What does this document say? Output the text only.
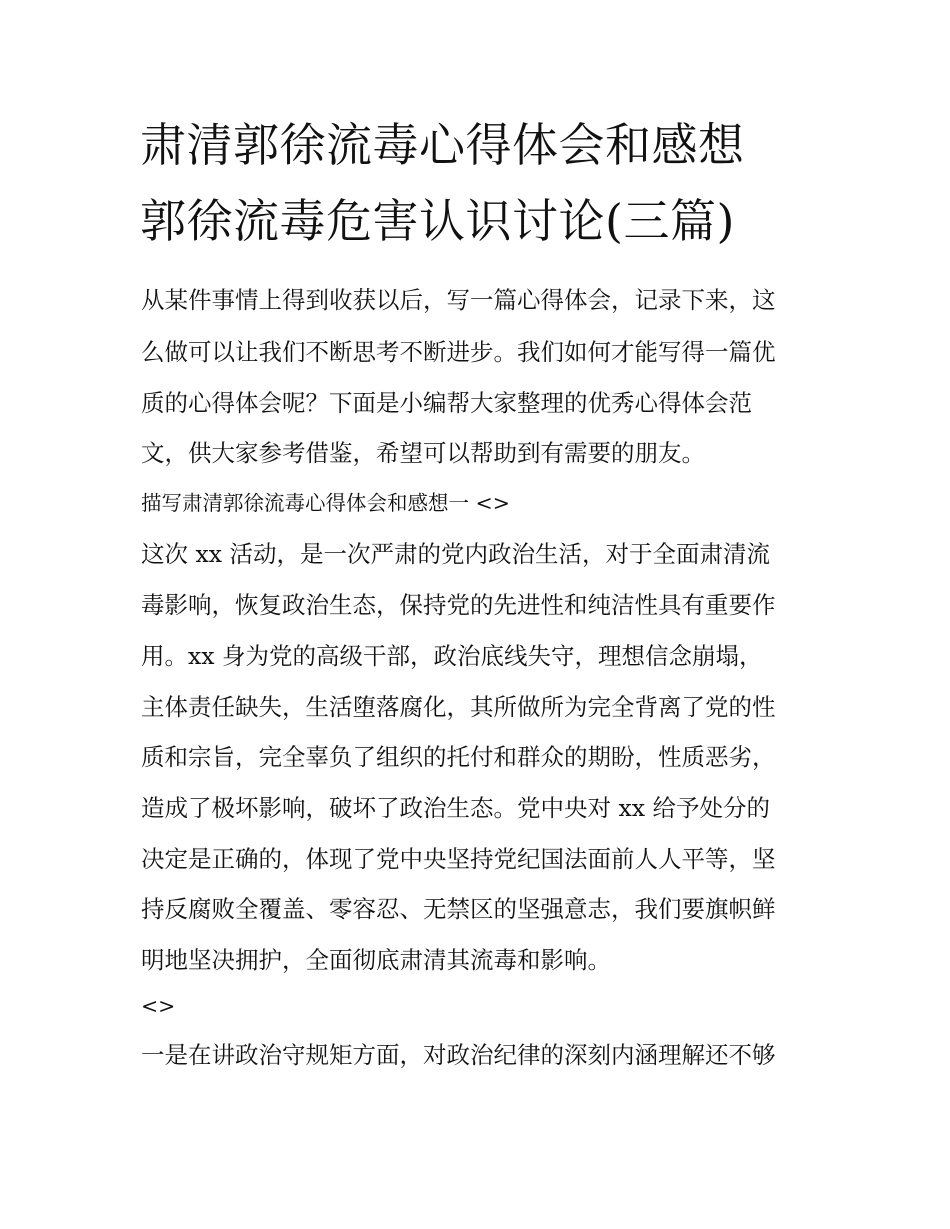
肃清郭徐流毒心得体会和感想
郭徐流毒危害认识讨论(三篇)
从某件事情上得到收获以后，写一篇心得体会，记录下来，这
么做可以让我们不断思考不断进步。我们如何才能写得一篇优
质的心得体会呢？下面是小编帮大家整理的优秀心得体会范
文，供大家参考借鉴，希望可以帮助到有需要的朋友。
描写肃清郭徐流毒心得体会和感想一 <>
这次 xx 活动，是一次严肃的党内政治生活，对于全面肃清流
毒影响，恢复政治生态，保持党的先进性和纯洁性具有重要作
用。xx 身为党的高级干部，政治底线失守，理想信念崩塌，
主体责任缺失，生活堕落腐化，其所做所为完全背离了党的性
质和宗旨，完全辜负了组织的托付和群众的期盼，性质恶劣，
造成了极坏影响，破坏了政治生态。党中央对 xx 给予处分的
决定是正确的，体现了党中央坚持党纪国法面前人人平等，坚
持反腐败全覆盖、零容忍、无禁区的坚强意志，我们要旗帜鲜
明地坚决拥护，全面彻底肃清其流毒和影响。
<>
一是在讲政治守规矩方面，对政治纪律的深刻内涵理解还不够
